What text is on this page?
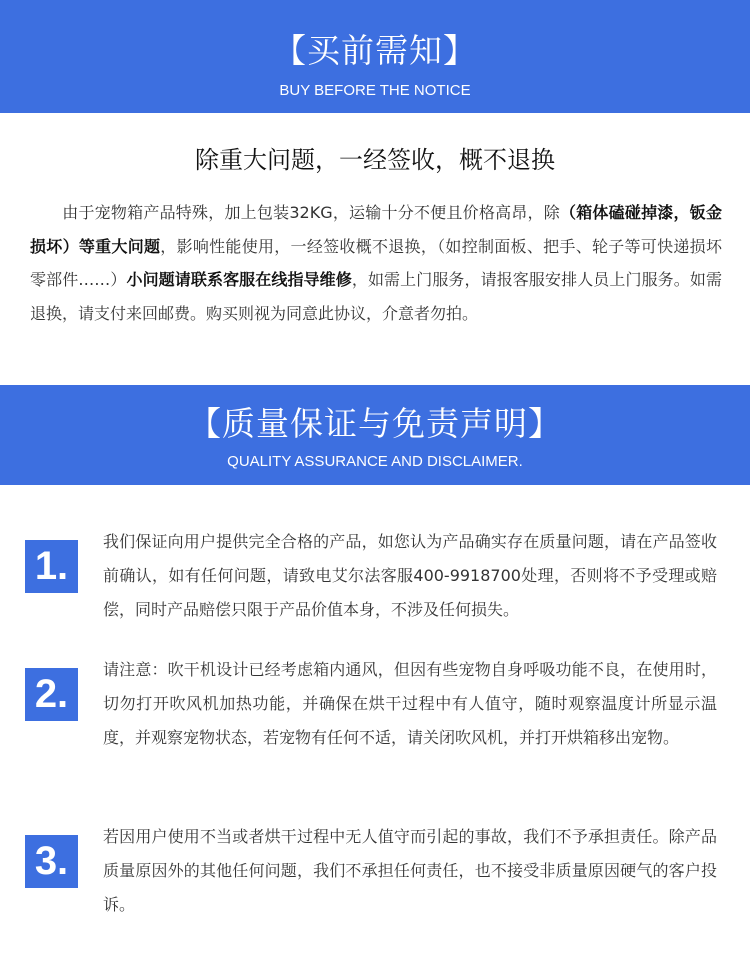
【买前需知】
BUY BEFORE THE NOTICE
除重大问题，一经签收，概不退换

由于宠物箱产品特殊，加上包装32KG，运输十分不便且价格高昂，除（箱体磕碰掉漆，钣金损坏）等重大问题，影响性能使用，一经签收概不退换，（如控制面板、把手、轮子等可快递损坏零部件……）小问题请联系客服在线指导维修，如需上门服务，请报客服安排人员上门服务。如需退换，请支付来回邮费。购买则视为同意此协议，介意者勿拍。

【质量保证与免责声明】
QUALITY ASSURANCE AND DISCLAIMER.
1.

我们保证向用户提供完全合格的产品，如您认为产品确实存在质量问题，请在产品签收前确认，如有任何问题，请致电艾尔法客服400-9918700处理，否则将不予受理或赔偿，同时产品赔偿只限于产品价值本身，不涉及任何损失。

2.

请注意：吹干机设计已经考虑箱内通风，但因有些宠物自身呼吸功能不良，在使用时，切勿打开吹风机加热功能，并确保在烘干过程中有人值守，随时观察温度计所显示温度，并观察宠物状态，若宠物有任何不适，请关闭吹风机，并打开烘箱移出宠物。

3.

若因用户使用不当或者烘干过程中无人值守而引起的事故，我们不予承担责任。除产品质量原因外的其他任何问题，我们不承担任何责任，也不接受非质量原因硬气的客户投诉。
